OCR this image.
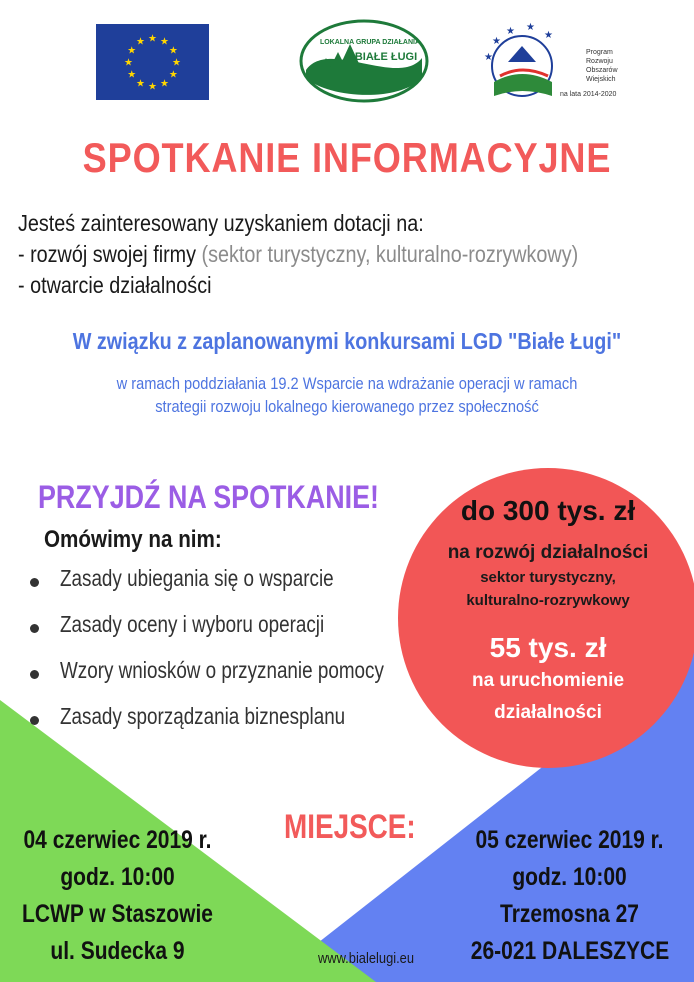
★ ★
★
★
★
★
★
★
★
★
★
★	LOKALNA GRUPA DZIAŁANIA
BIAŁE ŁUGI
★
★ ★
★
★	Program
Rozwoju
Obszarów
Wiejskich
na lata 2014-2020
SPOTKANIE INFORMACYJNE
Jesteś zainteresowany uzyskaniem dotacji na:
- rozwój swojej firmy (sektor turystyczny, kulturalno-rozrywkowy)
- otwarcie działalności
W związku z zaplanowanymi konkursami LGD "Białe Ługi"
w ramach poddziałania 19.2 Wsparcie na wdrażanie operacji w ramach
strategii rozwoju lokalnego kierowanego przez społeczność
PRZYJDŹ NA SPOTKANIE!
Omówimy na nim:
Zasady ubiegania się o wsparcie
Zasady oceny i wyboru operacji
Wzory wniosków o przyznanie pomocy
Zasady sporządzania biznesplanu
do 300 tys. zł
na rozwój działalności
sektor turystyczny,
kulturalno-rozrywkowy
55 tys. zł
na uruchomienie
działalności
MIEJSCE:
04 czerwiec 2019 r.
godz. 10:00
LCWP w Staszowie
ul. Sudecka 9
05 czerwiec 2019 r.
godz. 10:00
Trzemosna 27
26-021 DALESZYCE
www.bialelugi.eu
